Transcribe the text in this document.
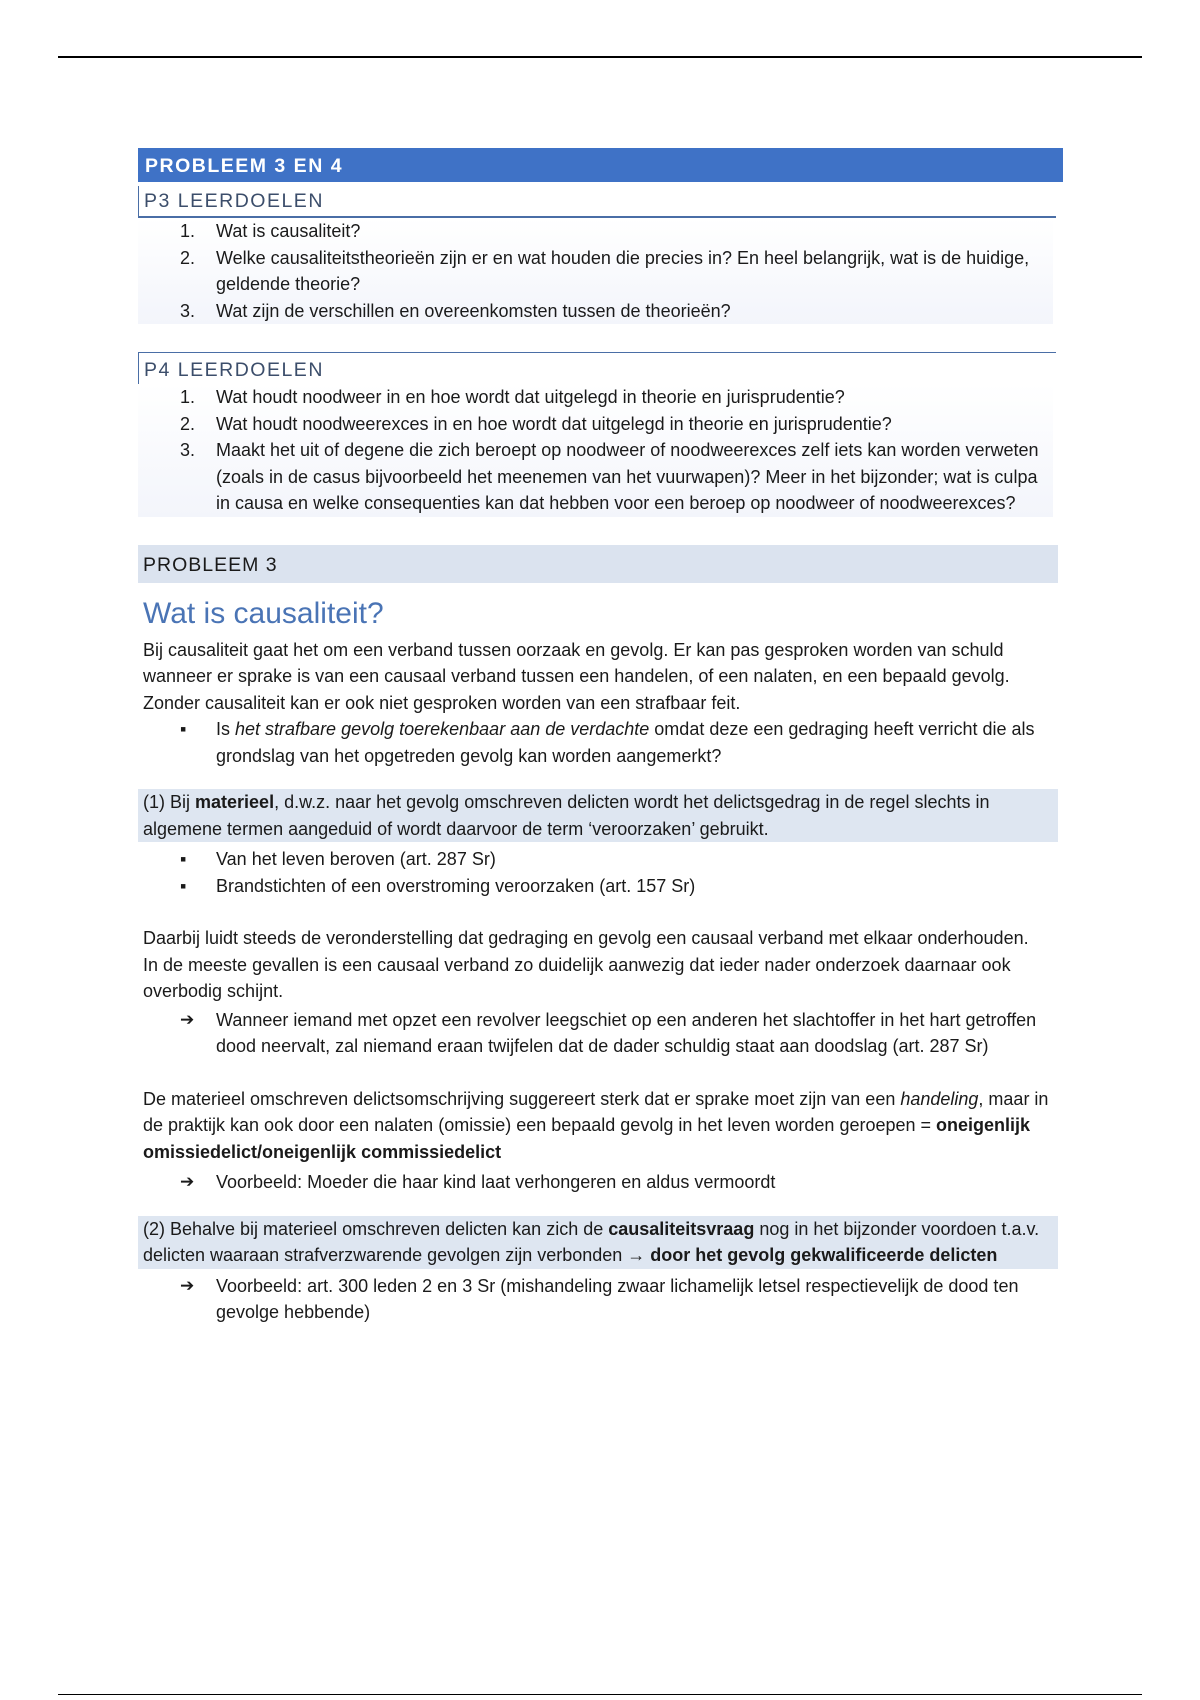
PROBLEEM 3 EN 4
P3 LEERDOELEN
1. Wat is causaliteit?
2. Welke causaliteitstheorieën zijn er en wat houden die precies in? En heel belangrijk, wat is de huidige, geldende theorie?
3. Wat zijn de verschillen en overeenkomsten tussen de theorieën?
P4 LEERDOELEN
1. Wat houdt noodweer in en hoe wordt dat uitgelegd in theorie en jurisprudentie?
2. Wat houdt noodweerexces in en hoe wordt dat uitgelegd in theorie en jurisprudentie?
3. Maakt het uit of degene die zich beroept op noodweer of noodweerexces zelf iets kan worden verweten (zoals in de casus bijvoorbeeld het meenemen van het vuurwapen)? Meer in het bijzonder; wat is culpa in causa en welke consequenties kan dat hebben voor een beroep op noodweer of noodweerexces?
PROBLEEM 3
Wat is causaliteit?

Bij causaliteit gaat het om een verband tussen oorzaak en gevolg. Er kan pas gesproken worden van schuld wanneer er sprake is van een causaal verband tussen een handelen, of een nalaten, en een bepaald gevolg. Zonder causaliteit kan er ook niet gesproken worden van een strafbaar feit.

▪ Is het strafbare gevolg toerekenbaar aan de verdachte omdat deze een gedraging heeft verricht die als grondslag van het opgetreden gevolg kan worden aangemerkt?
(1) Bij materieel, d.w.z. naar het gevolg omschreven delicten wordt het delictsgedrag in de regel slechts in algemene termen aangeduid of wordt daarvoor de term ‘veroorzaken’ gebruikt.
▪ Van het leven beroven (art. 287 Sr)
▪ Brandstichten of een overstroming veroorzaken (art. 157 Sr)

Daarbij luidt steeds de veronderstelling dat gedraging en gevolg een causaal verband met elkaar onderhouden.

In de meeste gevallen is een causaal verband zo duidelijk aanwezig dat ieder nader onderzoek daarnaar ook overbodig schijnt.

➔ Wanneer iemand met opzet een revolver leegschiet op een anderen het slachtoffer in het hart getroffen dood neervalt, zal niemand eraan twijfelen dat de dader schuldig staat aan doodslag (art. 287 Sr)

De materieel omschreven delictsomschrijving suggereert sterk dat er sprake moet zijn van een handeling, maar in de praktijk kan ook door een nalaten (omissie) een bepaald gevolg in het leven worden geroepen = oneigenlijk omissiedelict/oneigenlijk commissiedelict

➔ Voorbeeld: Moeder die haar kind laat verhongeren en aldus vermoordt
(2) Behalve bij materieel omschreven delicten kan zich de causaliteitsvraag nog in het bijzonder voordoen t.a.v. delicten waaraan strafverzwarende gevolgen zijn verbonden → door het gevolg gekwalificeerde delicten
➔ Voorbeeld: art. 300 leden 2 en 3 Sr (mishandeling zwaar lichamelijk letsel respectievelijk de dood ten gevolge hebbende)
